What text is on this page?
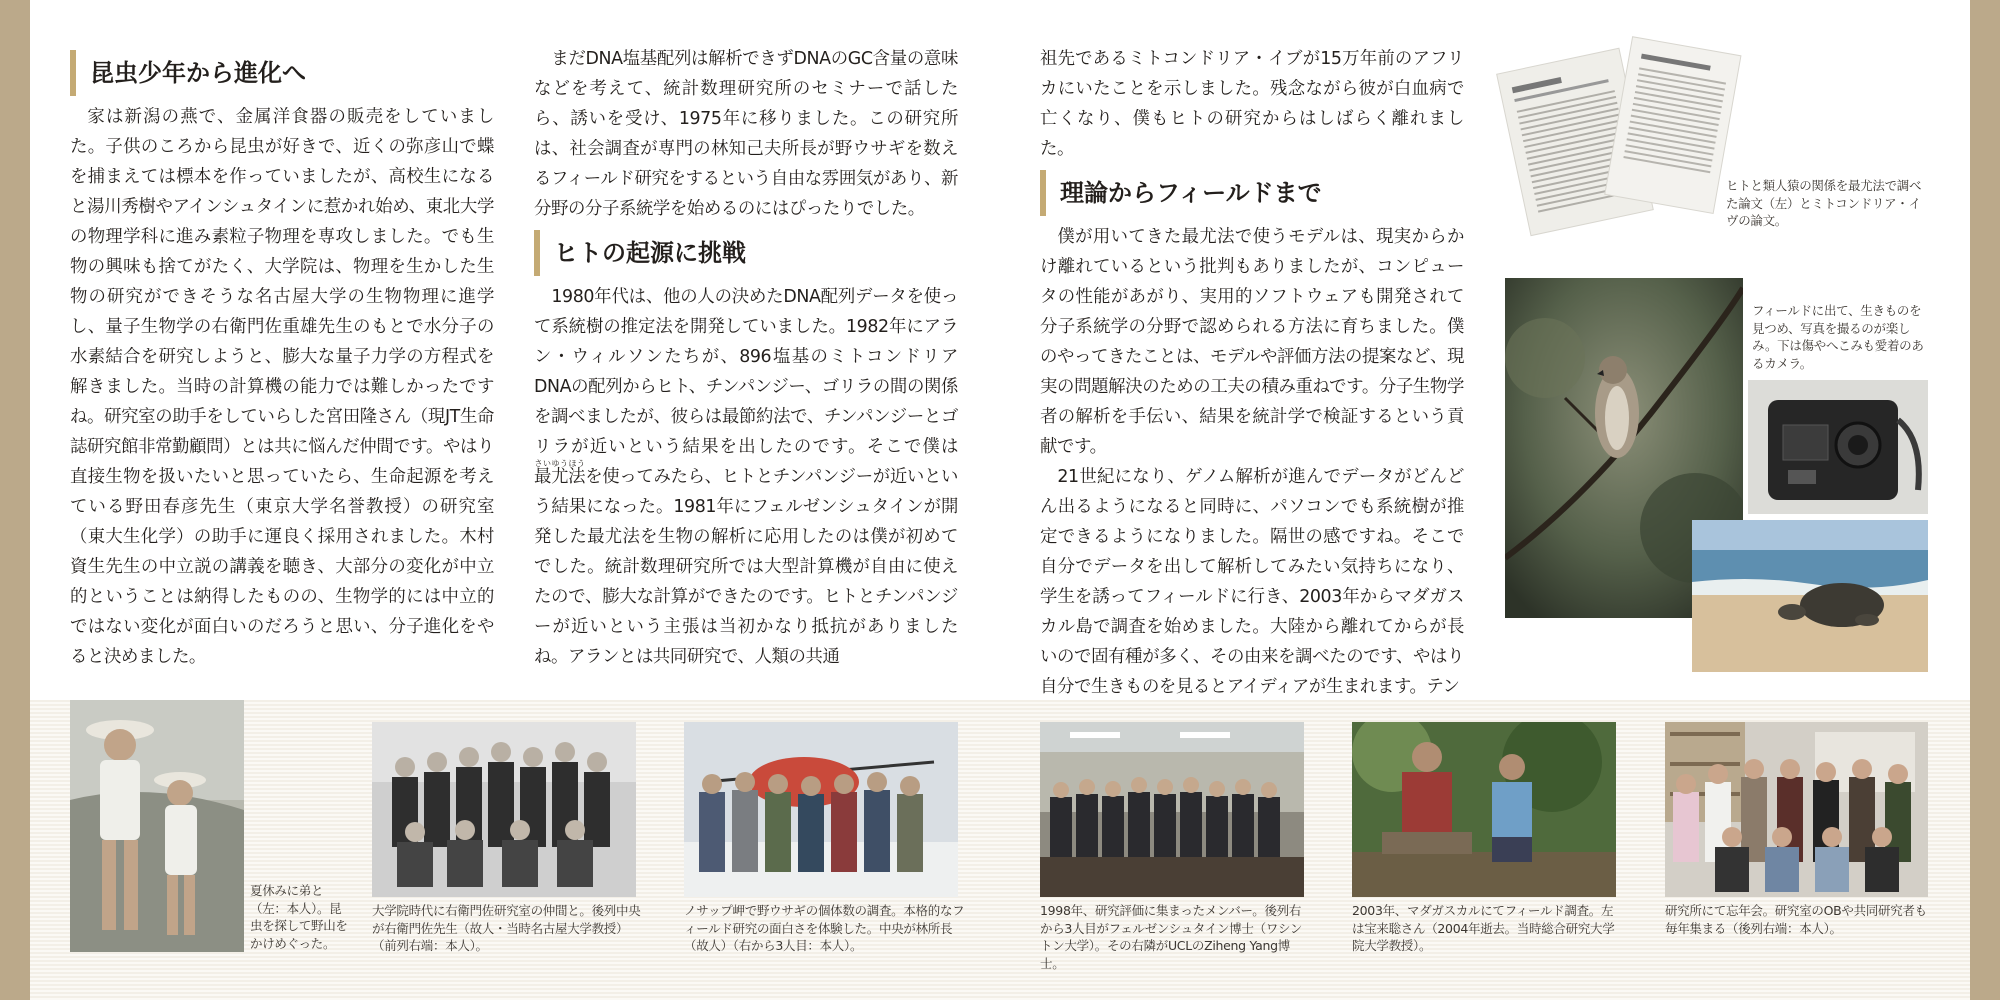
昆虫少年から進化へ

家は新潟の燕で、金属洋食器の販売をしていました。子供のころから昆虫が好きで、近くの弥彦山で蝶を捕まえては標本を作っていましたが、高校生になると湯川秀樹やアインシュタインに惹かれ始め、東北大学の物理学科に進み素粒子物理を専攻しました。でも生物の興味も捨てがたく、大学院は、物理を生かした生物の研究ができそうな名古屋大学の生物物理に進学し、量子生物学の右衛門佐重雄先生のもとで水分子の水素結合を研究しようと、膨大な量子力学の方程式を解きました。当時の計算機の能力では難しかったですね。研究室の助手をしていらした宮田隆さん（現JT生命誌研究館非常勤顧問）とは共に悩んだ仲間です。やはり直接生物を扱いたいと思っていたら、生命起源を考えている野田春彦先生（東京大学名誉教授）の研究室（東大生化学）の助手に運良く採用されました。木村資生先生の中立説の講義を聴き、大部分の変化が中立的ということは納得したものの、生物学的には中立的ではない変化が面白いのだろうと思い、分子進化をやると決めました。

まだDNA塩基配列は解析できずDNAのGC含量の意味などを考えて、統計数理研究所のセミナーで話したら、誘いを受け、1975年に移りました。この研究所は、社会調査が専門の林知己夫所長が野ウサギを数えるフィールド研究をするという自由な雰囲気があり、新分野の分子系統学を始めるのにはぴったりでした。

ヒトの起源に挑戦

1980年代は、他の人の決めたDNA配列データを使って系統樹の推定法を開発していました。1982年にアラン・ウィルソンたちが、896塩基のミトコンドリアDNAの配列からヒト、チンパンジー、ゴリラの間の関係を調べましたが、彼らは最節約法で、チンパンジーとゴリラが近いという結果を出したのです。そこで僕は最尤法さいゆうほうを使ってみたら、ヒトとチンパンジーが近いという結果になった。1981年にフェルゼンシュタインが開発した最尤法を生物の解析に応用したのは僕が初めてでした。統計数理研究所では大型計算機が自由に使えたので、膨大な計算ができたのです。ヒトとチンパンジーが近いという主張は当初かなり抵抗がありましたね。アランとは共同研究で、人類の共通

祖先であるミトコンドリア・イブが15万年前のアフリカにいたことを示しました。残念ながら彼が白血病で亡くなり、僕もヒトの研究からはしばらく離れました。

理論からフィールドまで

僕が用いてきた最尤法で使うモデルは、現実からかけ離れているという批判もありましたが、コンピュータの性能があがり、実用的ソフトウェアも開発されて分子系統学の分野で認められる方法に育ちました。僕のやってきたことは、モデルや評価方法の提案など、現実の問題解決のための工夫の積み重ねです。分子生物学者の解析を手伝い、結果を統計学で検証するという貢献です。

21世紀になり、ゲノム解析が進んでデータがどんどん出るようになると同時に、パソコンでも系統樹が推定できるようになりました。隔世の感ですね。そこで自分でデータを出して解析してみたい気持ちになり、学生を誘ってフィールドに行き、2003年からマダガスカル島で調査を始めました。大陸から離れてからが長いので固有種が多く、その由来を調べたのです、やはり自分で生きものを見るとアイディアが生まれます。テン

ヒトと類人猿の関係を最尤法で調べた論文（左）とミトコンドリア・イヴの論文。
フィールドに出て、生きものを見つめ、写真を撮るのが楽しみ。下は傷やへこみも愛着のあるカメラ。
夏休みに弟と（左：本人）。昆虫を探して野山をかけめぐった。
大学院時代に右衛門佐研究室の仲間と。後列中央が右衛門佐先生（故人・当時名古屋大学教授）（前列右端：本人）。
ノサップ岬で野ウサギの個体数の調査。本格的なフィールド研究の面白さを体験した。中央が林所長（故人）（右から3人目：本人）。
1998年、研究評価に集まったメンバー。後列右から3人目がフェルゼンシュタイン博士（ワシントン大学）。その右隣がUCLのZiheng Yang博士。
2003年、マダガスカルにてフィールド調査。左は宝来聡さん（2004年逝去。当時総合研究大学院大学教授）。
研究所にて忘年会。研究室のOBや共同研究者も毎年集まる（後列右端：本人）。
